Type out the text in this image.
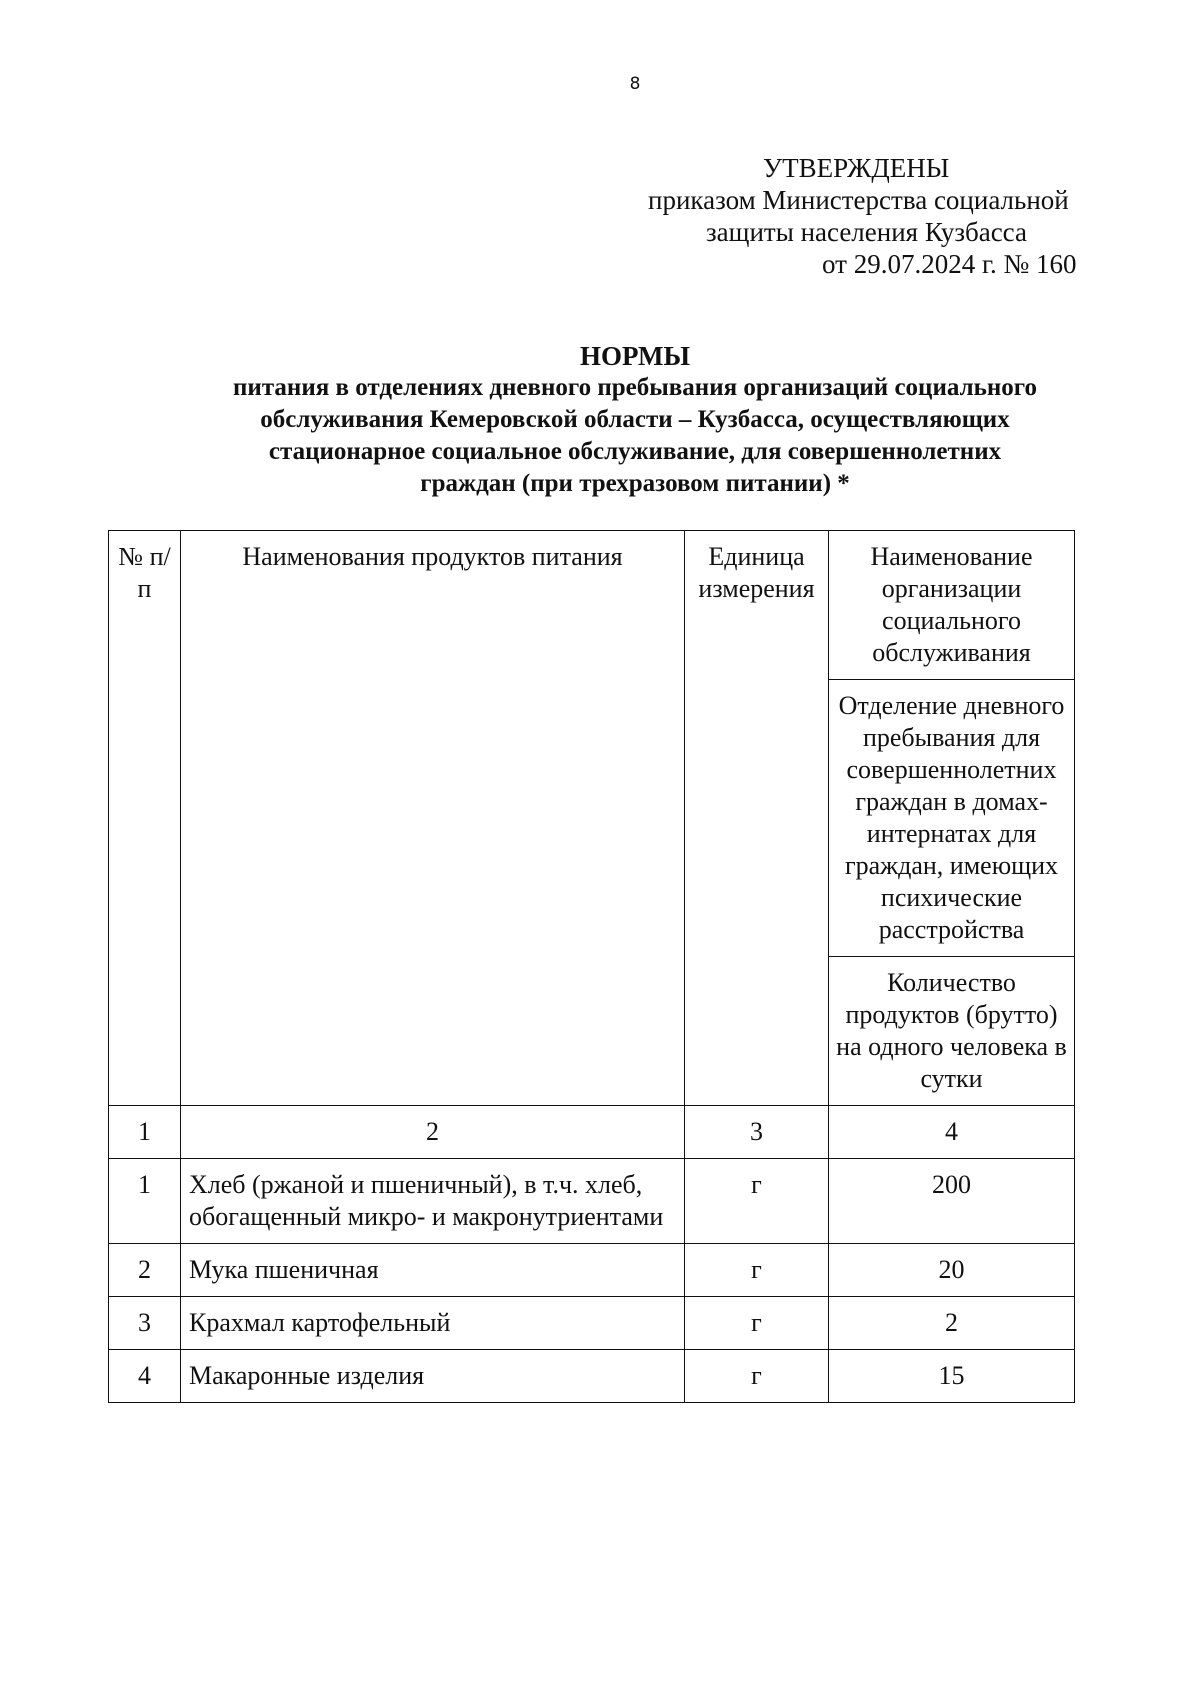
8
УТВЕРЖДЕНЫ
приказом Министерства социальной
защиты населения Кузбасса
от 29.07.2024 г. № 160
НОРМЫ
питания в отделениях дневного пребывания организаций социального
обслуживания Кемеровской области – Кузбасса, осуществляющих
стационарное социальное обслуживание, для совершеннолетних
граждан (при трехразовом питании) *
№ п/п	Наименования продуктов питания	Единица измерения	Наименование организации социального обслуживания
			Отделение дневного пребывания для совершеннолетних граждан в домах-интернатах для граждан, имеющих психические расстройства
			Количество продуктов (брутто) на одного человека в сутки
1	2	3	4
1	Хлеб (ржаной и пшеничный), в т.ч. хлеб, обогащенный микро- и макронутриентами	г	200
2	Мука пшеничная	г	20
3	Крахмал картофельный	г	2
4	Макаронные изделия	г	15
